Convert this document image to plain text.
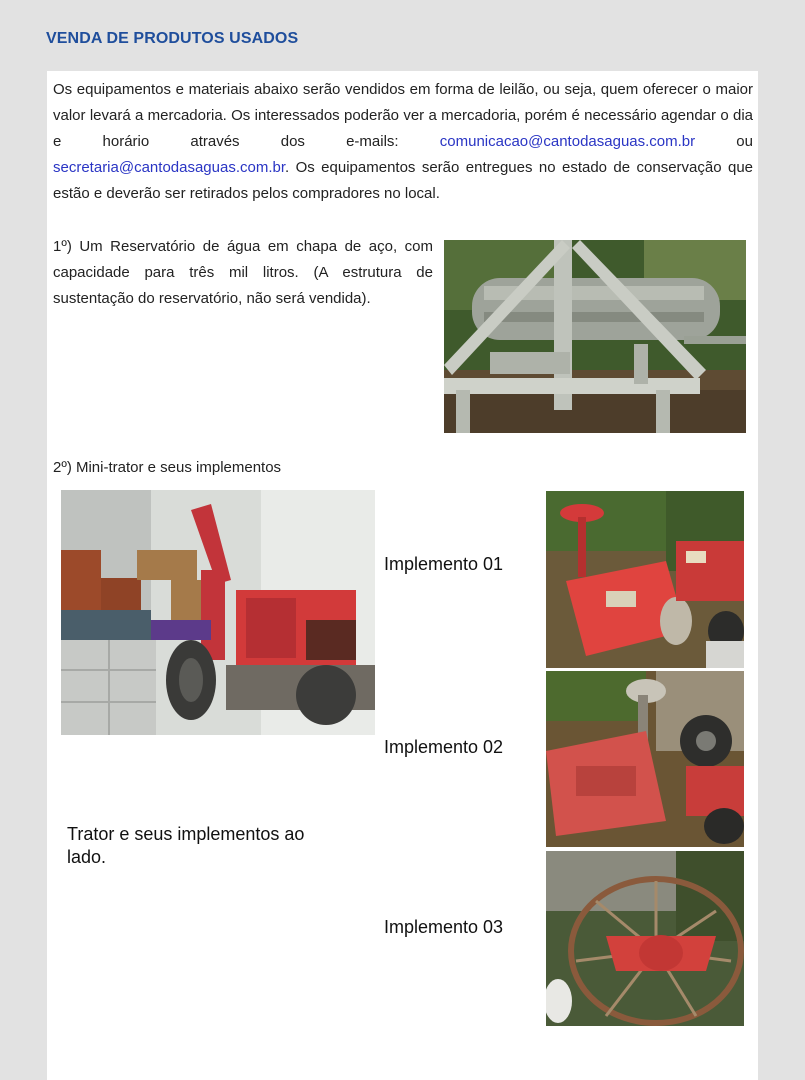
VENDA DE PRODUTOS USADOS

Os equipamentos e materiais abaixo serão vendidos em forma de leilão, ou seja, quem oferecer o maior valor levará a mercadoria. Os interessados poderão ver a mercadoria, porém é necessário agendar o dia e horário através dos e-mails: comunicacao@cantodasaguas.com.br ou secretaria@cantodasaguas.com.br. Os equipamentos serão entregues no estado de conservação que estão e deverão ser retirados pelos compradores no local.

1º) Um Reservatório de água em chapa de aço, com capacidade para três mil litros. (A estrutura de sustentação do reservatório, não será vendida).

2º) Mini-trator e seus implementos

Implemento 01

Implemento 02

Trator e seus implementos ao lado.

Implemento 03
